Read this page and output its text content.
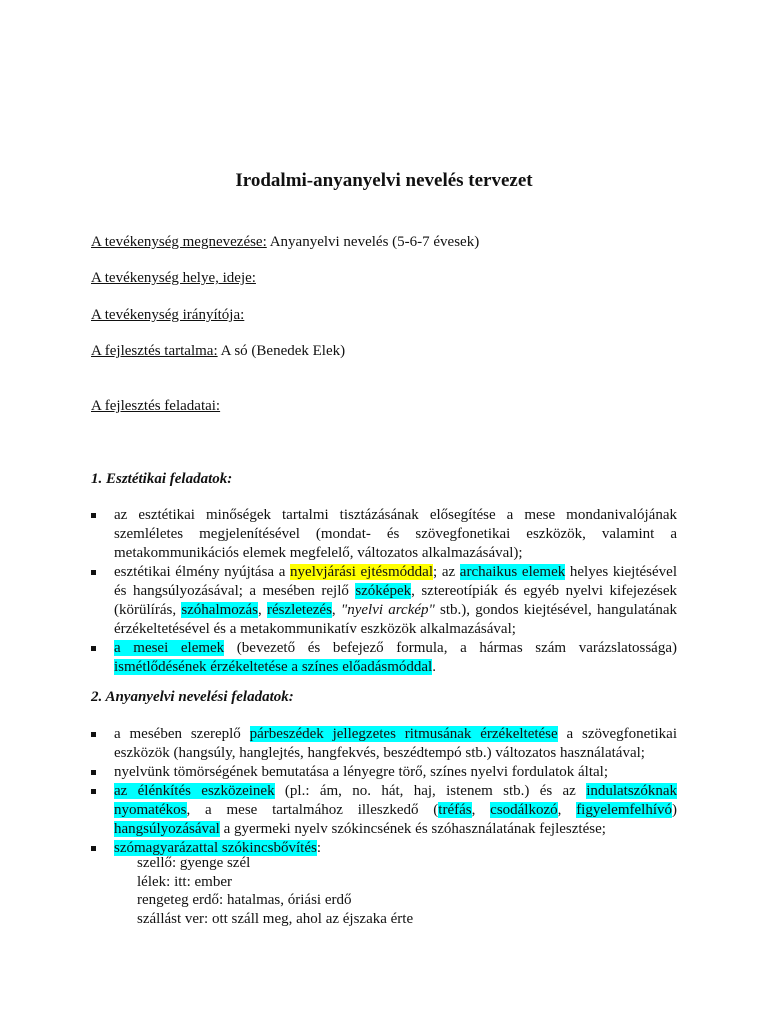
Irodalmi-anyanyelvi nevelés tervezet
A tevékenység megnevezése: Anyanyelvi nevelés (5-6-7 évesek)
A tevékenység helye, ideje:
A tevékenység irányítója:
A fejlesztés tartalma: A só (Benedek Elek)
A fejlesztés feladatai:
1. Esztétikai feladatok:
az esztétikai minőségek tartalmi tisztázásának elősegítése a mese mondanivalójának szemléletes megjelenítésével (mondat- és szövegfonetikai eszközök, valamint a metakommunikációs elemek megfelelő, változatos alkalmazásával);
esztétikai élmény nyújtása a nyelvjárási ejtésmóddal; az archaikus elemek helyes kiejtésével és hangsúlyozásával; a mesében rejlő szóképek, sztereotípiák és egyéb nyelvi kifejezések (körülírás, szóhalmozás, részletezés, "nyelvi arckép" stb.), gondos kiejtésével, hangulatának érzékeltetésével és a metakommunikatív eszközök alkalmazásával;
a mesei elemek (bevezető és befejező formula, a hármas szám varázslatossága) ismétlődésének érzékeltetése a színes előadásmóddal.
2. Anyanyelvi nevelési feladatok:
a mesében szereplő párbeszédek jellegzetes ritmusának érzékeltetése a szövegfonetikai eszközök (hangsúly, hanglejtés, hangfekvés, beszédtempó stb.) változatos használatával;
nyelvünk tömörségének bemutatása a lényegre törő, színes nyelvi fordulatok által;
az élénkítés eszközeinek (pl.: ám, no. hát, haj, istenem stb.) és az indulatszóknak nyomatékos, a mese tartalmához illeszkedő (tréfás, csodálkozó, figyelemfelhívó) hangsúlyozásával a gyermeki nyelv szókincsének és szóhasználatának fejlesztése;
szómagyarázattal szókincsbővítés:
szellő: gyenge szél
lélek: itt: ember
rengeteg erdő: hatalmas, óriási erdő
szállást ver: ott száll meg, ahol az éjszaka érte
